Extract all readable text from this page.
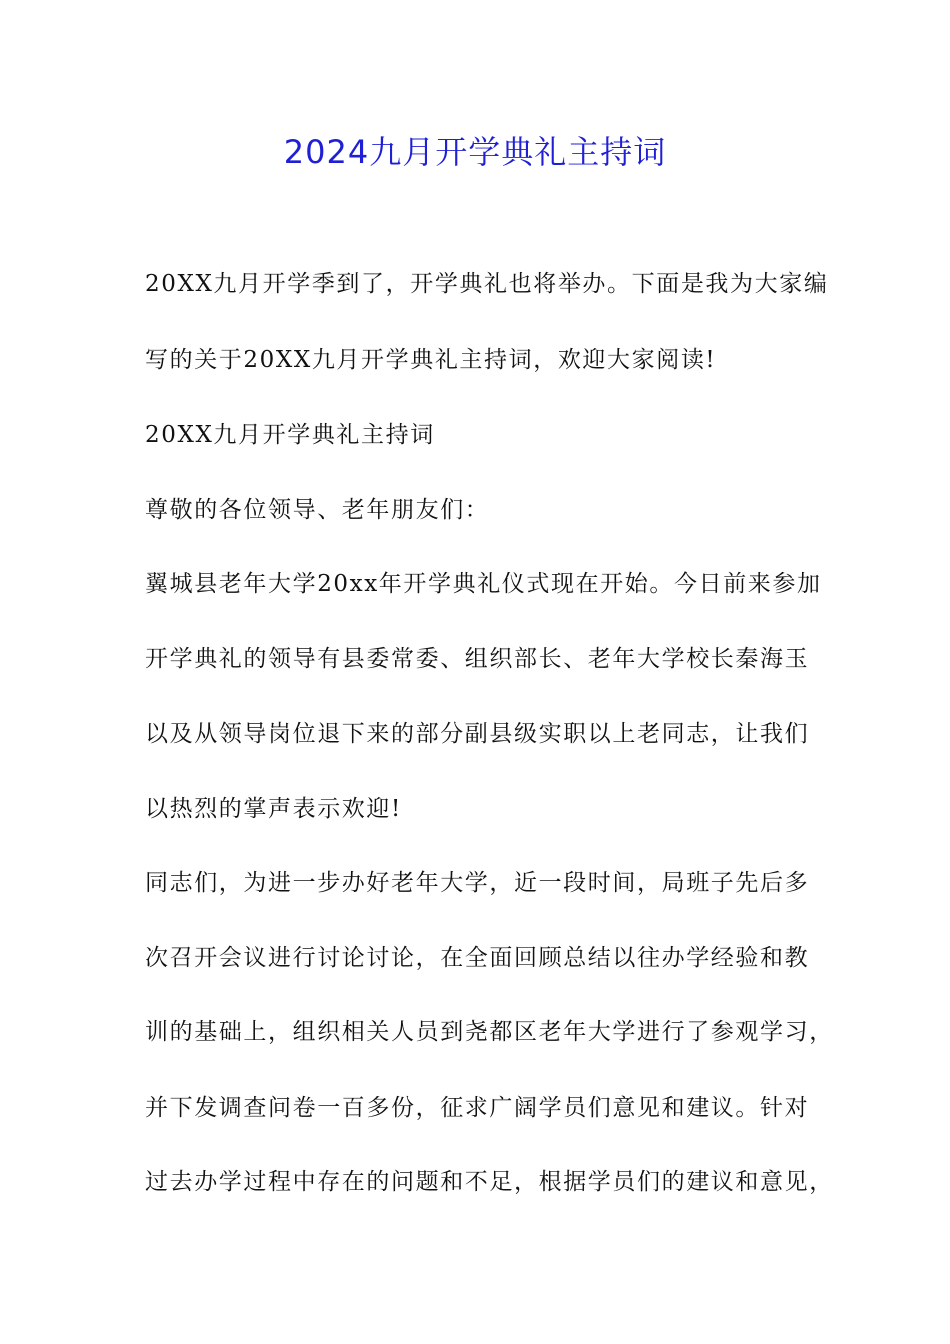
2024九月开学典礼主持词
20XX九月开学季到了，开学典礼也将举办。下面是我为大家编
写的关于20XX九月开学典礼主持词，欢迎大家阅读!
20XX九月开学典礼主持词
尊敬的各位领导、老年朋友们：
翼城县老年大学20xx年开学典礼仪式现在开始。今日前来参加
开学典礼的领导有县委常委、组织部长、老年大学校长秦海玉
以及从领导岗位退下来的部分副县级实职以上老同志，让我们
以热烈的掌声表示欢迎!
同志们，为进一步办好老年大学，近一段时间，局班子先后多
次召开会议进行讨论讨论，在全面回顾总结以往办学经验和教
训的基础上，组织相关人员到尧都区老年大学进行了参观学习，
并下发调查问卷一百多份，征求广阔学员们意见和建议。针对
过去办学过程中存在的问题和不足，根据学员们的建议和意见，
